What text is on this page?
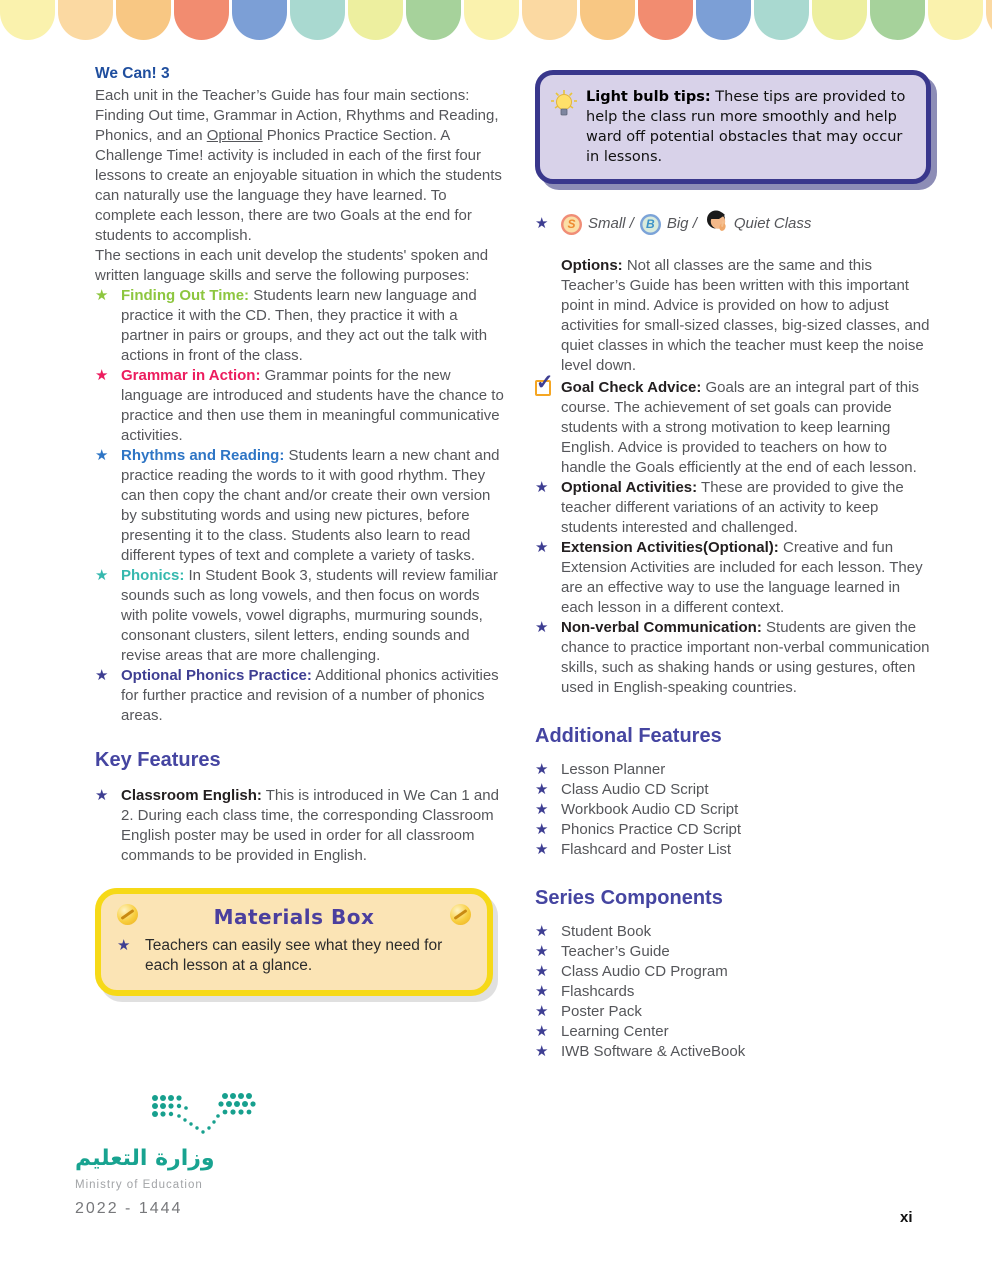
We Can! 3

Each unit in the Teacher’s Guide has four main sections: Finding Out time, Grammar in Action, Rhythms and Reading, Phonics, and an Optional Phonics Practice Section. A Challenge Time! activity is included in each of the first four lessons to create an enjoyable situation in which the students can naturally use the language they have learned. To complete each lesson, there are two Goals at the end for students to accomplish.

The sections in each unit develop the students' spoken and written language skills and serve the following purposes:

★ Finding Out Time: Students learn new language and practice it with the CD. Then, they practice it with a partner in pairs or groups, and they act out the talk with actions in front of the class.
★ Grammar in Action: Grammar points for the new language are introduced and students have the chance to practice and then use them in meaningful communicative activities.
★ Rhythms and Reading: Students learn a new chant and practice reading the words to it with good rhythm. They can then copy the chant and/or create their own version by substituting words and using new pictures, before presenting it to the class. Students also learn to read different types of text and complete a variety of tasks.
★ Phonics: In Student Book 3, students will review familiar sounds such as long vowels, and then focus on words with polite vowels, vowel digraphs, murmuring sounds, consonant clusters, silent letters, ending sounds and revise areas that are more challenging.
★ Optional Phonics Practice: Additional phonics activities for further practice and revision of a number of phonics areas.
Key Features
★ Classroom English: This is introduced in We Can 1 and 2. During each class time, the corresponding Classroom English poster may be used in order for all classroom commands to be provided in English.
Materials Box
★ Teachers can easily see what they need for each lesson at a glance.
Light bulb tips: These tips are provided to help the class run more smoothly and help ward off potential obstacles that may occur in lessons.
★	S Small /	B Big / Quiet Class
Options: Not all classes are the same and this Teacher’s Guide has been written with this important point in mind. Advice is provided on how to adjust activities for small-sized classes, big-sized classes, and quiet classes in which the teacher must keep the noise level down.
✓ Goal Check Advice: Goals are an integral part of this course. The achievement of set goals can provide students with a strong motivation to keep learning English. Advice is provided to teachers on how to handle the Goals efficiently at the end of each lesson.
★ Optional Activities: These are provided to give the teacher different variations of an activity to keep students interested and challenged.
★ Extension Activities(Optional): Creative and fun Extension Activities are included for each lesson. They are an effective way to use the language learned in each lesson in a different context.
★ Non-verbal Communication: Students are given the chance to practice important non-verbal communication skills, such as shaking hands or using gestures, often used in English-speaking countries.
Additional Features
★ Lesson Planner
★ Class Audio CD Script
★ Workbook Audio CD Script
★ Phonics Practice CD Script
★ Flashcard and Poster List
Series Components
★ Student Book
★ Teacher’s Guide
★ Class Audio CD Program
★ Flashcards
★ Poster Pack
★ Learning Center
★ IWB Software & ActiveBook
وزارة التعليم
Ministry of Education
2022 - 1444
xi
